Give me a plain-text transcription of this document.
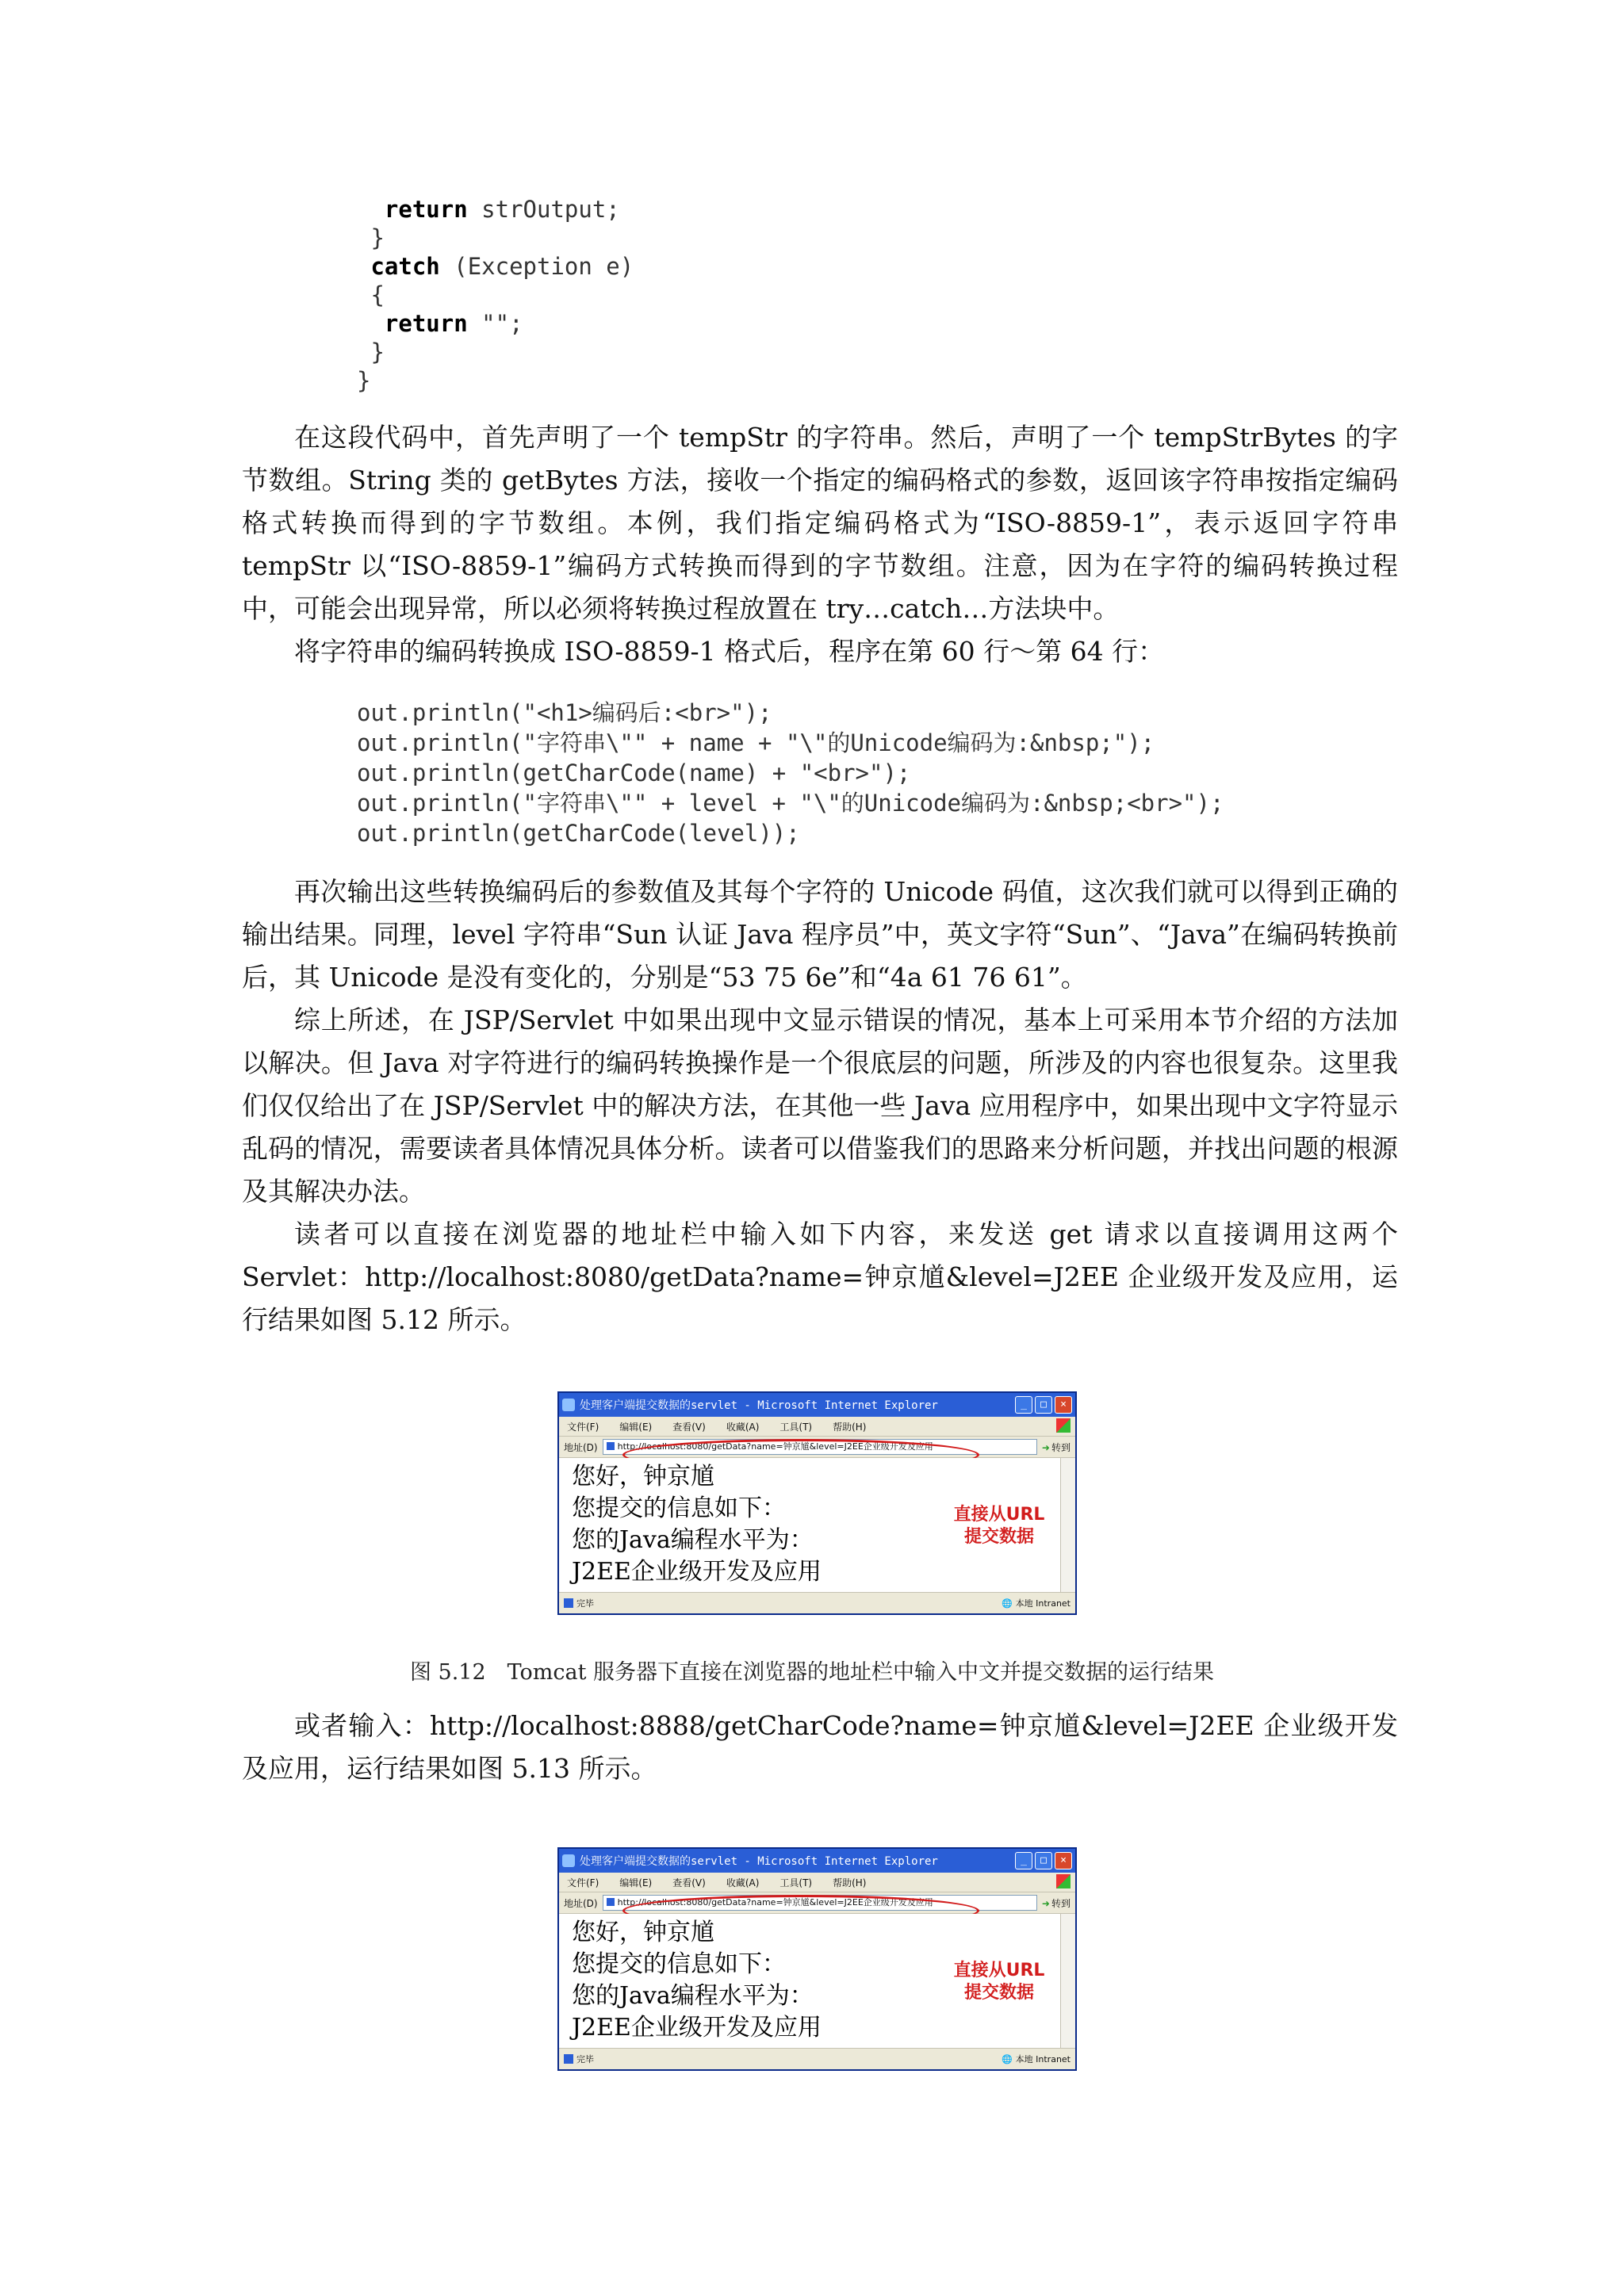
return strOutput;
}
catch (Exception e)
{
return "";
}
}

在这段代码中，首先声明了一个 tempStr 的字符串。然后，声明了一个 tempStrBytes 的字节数组。String 类的 getBytes 方法，接收一个指定的编码格式的参数，返回该字符串按指定编码格式转换而得到的字节数组。本例，我们指定编码格式为“ISO-8859-1”，表示返回字符串 tempStr 以“ISO-8859-1”编码方式转换而得到的字节数组。注意，因为在字符的编码转换过程中，可能会出现异常，所以必须将转换过程放置在 try…catch…方法块中。

将字符串的编码转换成 ISO-8859-1 格式后，程序在第 60 行～第 64 行：

out.println("<h1>编码后:<br>");
out.println("字符串\"" + name + "\"的Unicode编码为:&nbsp;");
out.println(getCharCode(name) + "<br>");
out.println("字符串\"" + level + "\"的Unicode编码为:&nbsp;<br>");
out.println(getCharCode(level));

再次输出这些转换编码后的参数值及其每个字符的 Unicode 码值，这次我们就可以得到正确的输出结果。同理，level 字符串“Sun 认证 Java 程序员”中，英文字符“Sun”、“Java”在编码转换前后，其 Unicode 是没有变化的，分别是“53 75 6e”和“4a 61 76 61”。

综上所述，在 JSP/Servlet 中如果出现中文显示错误的情况，基本上可采用本节介绍的方法加以解决。但 Java 对字符进行的编码转换操作是一个很底层的问题，所涉及的内容也很复杂。这里我们仅仅给出了在 JSP/Servlet 中的解决方法，在其他一些 Java 应用程序中，如果出现中文字符显示乱码的情况，需要读者具体情况具体分析。读者可以借鉴我们的思路来分析问题，并找出问题的根源及其解决办法。

读者可以直接在浏览器的地址栏中输入如下内容，来发送 get 请求以直接调用这两个 Servlet：http://localhost:8080/getData?name=钟京馗&level=J2EE 企业级开发及应用，运行结果如图 5.12 所示。

处理客户端提交数据的servlet - Microsoft Internet Explorer	_	□	×
文件(F) 编辑(E) 查看(V) 收藏(A) 工具(T) 帮助(H)
地址(D)	http://localhost:8080/getData?name=钟京馗&level=J2EE企业级开发及应用	➜ 转到
您好，钟京馗
您提交的信息如下：
您的Java编程水平为：
J2EE企业级开发及应用
直接从URL
提交数据
完毕	🌐 本地 Intranet
图 5.12　Tomcat 服务器下直接在浏览器的地址栏中输入中文并提交数据的运行结果

或者输入：http://localhost:8888/getCharCode?name=钟京馗&level=J2EE 企业级开发及应用，运行结果如图 5.13 所示。

处理客户端提交数据的servlet - Microsoft Internet Explorer	_	□	×
文件(F) 编辑(E) 查看(V) 收藏(A) 工具(T) 帮助(H)
地址(D)	http://localhost:8080/getData?name=钟京馗&level=J2EE企业级开发及应用	➜ 转到
您好，钟京馗
您提交的信息如下：
您的Java编程水平为：
J2EE企业级开发及应用
直接从URL
提交数据
完毕	🌐 本地 Intranet
